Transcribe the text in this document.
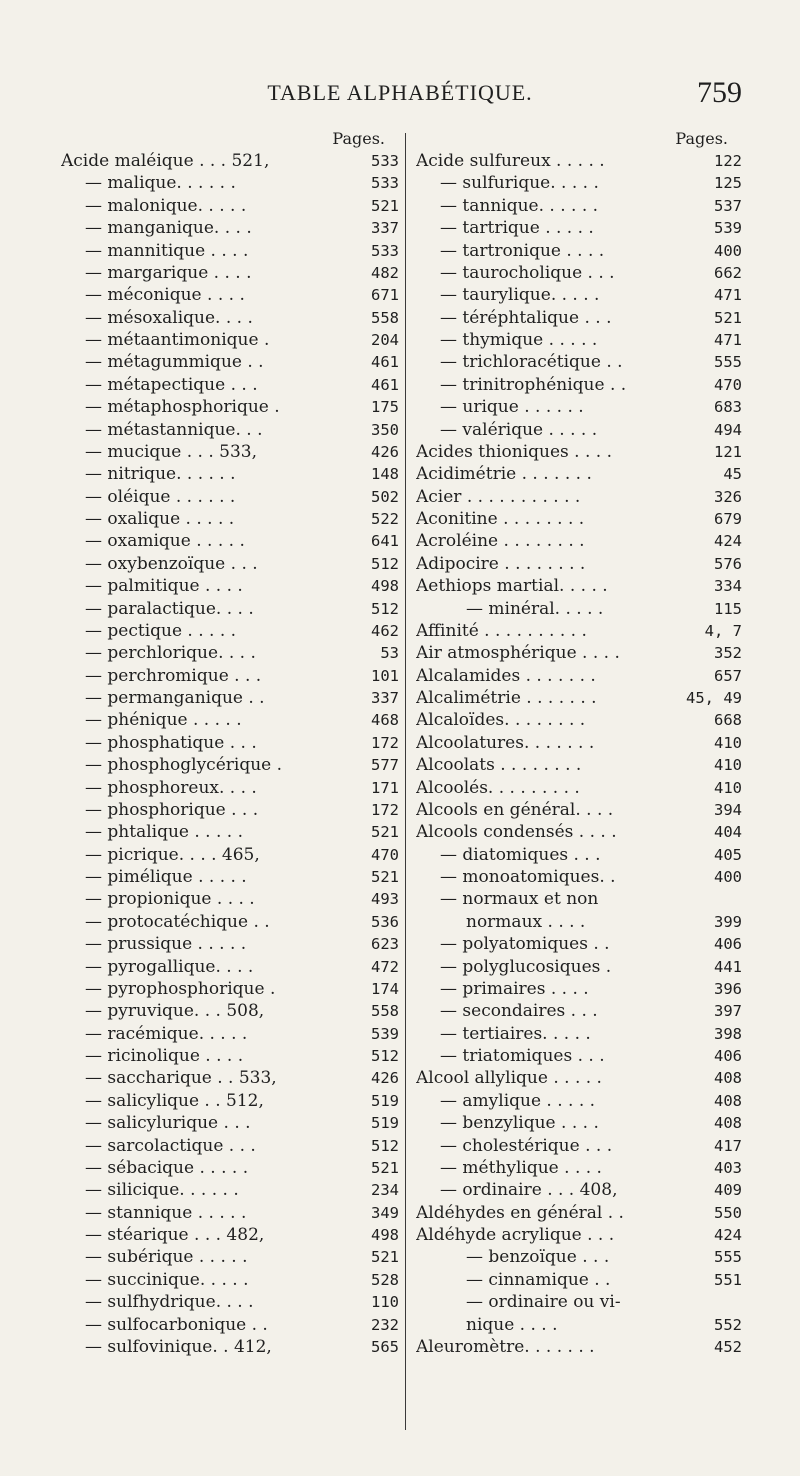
TABLE ALPHABÉTIQUE.	759
Pages.
Acide maléique . . . 521,	533
— malique. . . . . .	533
— malonique. . . . .	521
— manganique. . . .	337
— mannitique . . . .	533
— margarique . . . .	482
— méconique . . . .	671
— mésoxalique. . . .	558
— métaantimonique .	204
— métagummique . .	461
— métapectique . . .	461
— métaphosphorique .	175
— métastannique. . .	350
— mucique . . . 533,	426
— nitrique. . . . . .	148
— oléique . . . . . .	502
— oxalique . . . . .	522
— oxamique . . . . .	641
— oxybenzoïque . . .	512
— palmitique . . . .	498
— paralactique. . . .	512
— pectique . . . . .	462
— perchlorique. . . .	53
— perchromique . . .	101
— permanganique . .	337
— phénique . . . . .	468
— phosphatique . . .	172
— phosphoglycérique .	577
— phosphoreux. . . .	171
— phosphorique . . .	172
— phtalique . . . . .	521
— picrique. . . . 465,	470
— pimélique . . . . .	521
— propionique . . . .	493
— protocatéchique . .	536
— prussique . . . . .	623
— pyrogallique. . . .	472
— pyrophosphorique .	174
— pyruvique. . . 508,	558
— racémique. . . . .	539
— ricinolique . . . .	512
— saccharique . . 533,	426
— salicylique . . 512,	519
— salicylurique . . .	519
— sarcolactique . . .	512
— sébacique . . . . .	521
— silicique. . . . . .	234
— stannique . . . . .	349
— stéarique . . . 482,	498
— subérique . . . . .	521
— succinique. . . . .	528
— sulfhydrique. . . .	110
— sulfocarbonique . .	232
— sulfovinique. . 412,	565
Pages.
Acide sulfureux . . . . .	122
— sulfurique. . . . .	125
— tannique. . . . . .	537
— tartrique . . . . .	539
— tartronique . . . .	400
— taurocholique . . .	662
— taurylique. . . . .	471
— téréphtalique . . .	521
— thymique . . . . .	471
— trichloracétique . .	555
— trinitrophénique . .	470
— urique . . . . . .	683
— valérique . . . . .	494
Acides thioniques . . . .	121
Acidimétrie . . . . . . .	45
Acier . . . . . . . . . . .	326
Aconitine . . . . . . . .	679
Acroléine . . . . . . . .	424
Adipocire . . . . . . . .	576
Aethiops martial. . . . .	334
— minéral. . . . .	115
Affinité . . . . . . . . . .	4, 7
Air atmosphérique . . . .	352
Alcalamides . . . . . . .	657
Alcalimétrie . . . . . . .	45, 49
Alcaloïdes. . . . . . . .	668
Alcoolatures. . . . . . .	410
Alcoolats . . . . . . . .	410
Alcoolés. . . . . . . . .	410
Alcools en général. . . .	394
Alcools condensés . . . .	404
— diatomiques . . .	405
— monoatomiques. .	400
— normaux et non
normaux . . . .	399
— polyatomiques . .	406
— polyglucosiques .	441
— primaires . . . .	396
— secondaires . . .	397
— tertiaires. . . . .	398
— triatomiques . . .	406
Alcool allylique . . . . .	408
— amylique . . . . .	408
— benzylique . . . .	408
— cholestérique . . .	417
— méthylique . . . .	403
— ordinaire . . . 408,	409
Aldéhydes en général . .	550
Aldéhyde acrylique . . .	424
— benzoïque . . .	555
— cinnamique . .	551
— ordinaire ou vi-
nique . . . .	552
Aleuromètre. . . . . . .	452
